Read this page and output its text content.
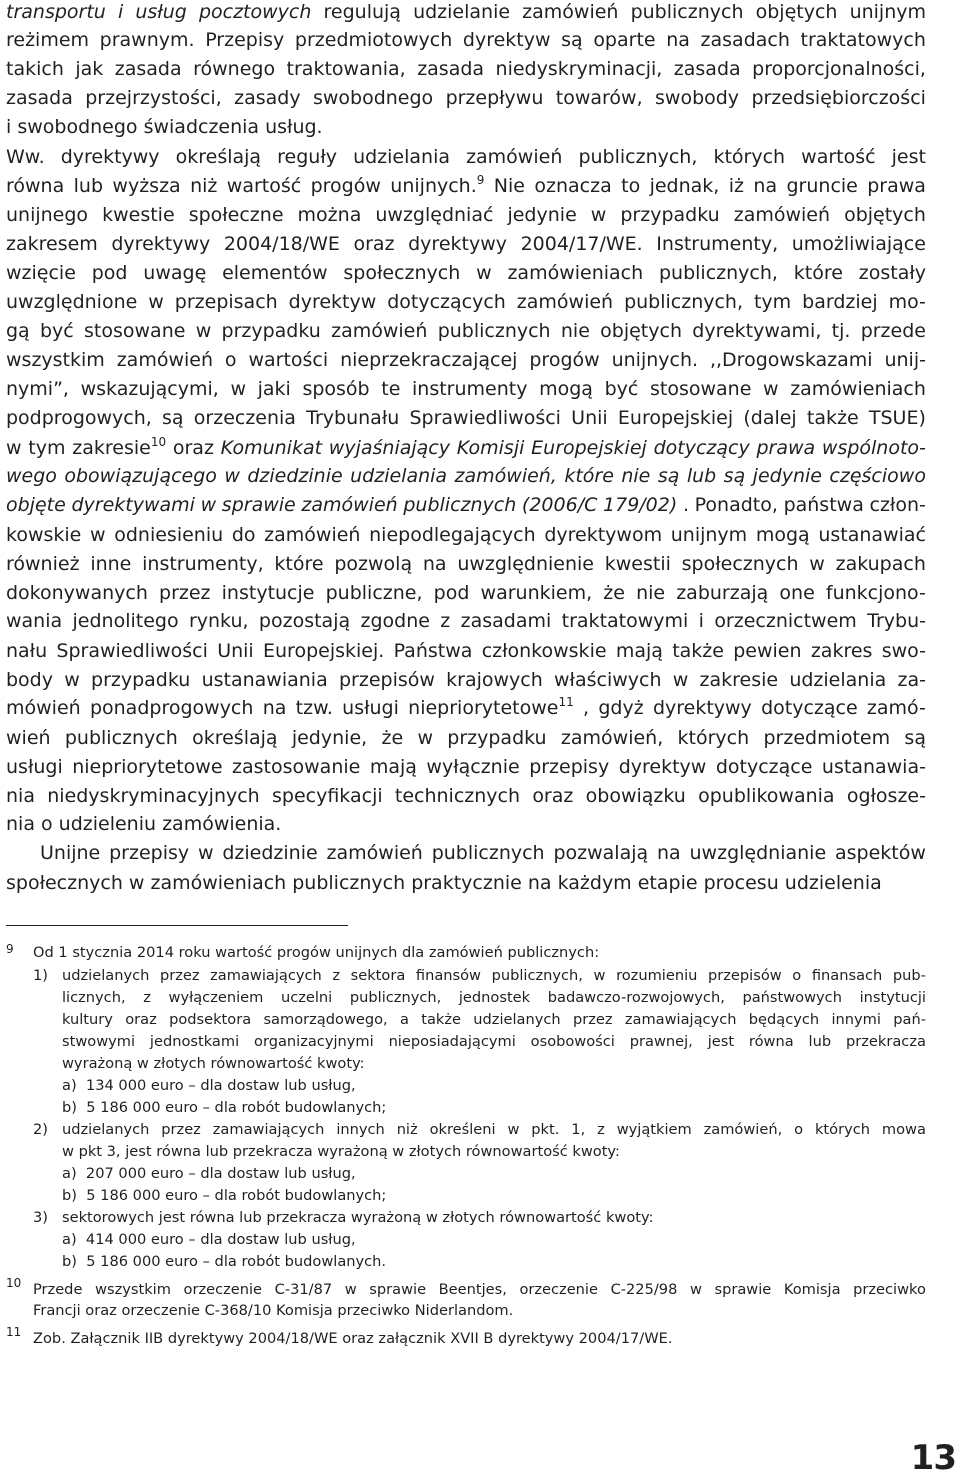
transportu i usług pocztowych regulują udzielanie zamówień publicznych objętych unijnym
reżimem prawnym. Przepisy przedmiotowych dyrektyw są oparte na zasadach traktatowych
takich jak zasada równego traktowania, zasada niedyskryminacji, zasada proporcjonalności,
zasada przejrzystości, zasady swobodnego przepływu towarów, swobody przedsiębiorczości
i swobodnego świadczenia usług.
Ww. dyrektywy określają reguły udzielania zamówień publicznych, których wartość jest
równa lub wyższa niż wartość progów unijnych.$^9$ Nie oznacza to jednak, iż na gruncie prawa
unijnego kwestie społeczne można uwzględniać jedynie w przypadku zamówień objętych
zakresem dyrektywy 2004/18/WE oraz dyrektywy 2004/17/WE. Instrumenty, umożliwiające
wzięcie pod uwagę elementów społecznych w zamówieniach publicznych, które zostały
uwzględnione w przepisach dyrektyw dotyczących zamówień publicznych, tym bardziej mo-
gą być stosowane w przypadku zamówień publicznych nie objętych dyrektywami, tj. przede
wszystkim zamówień o wartości nieprzekraczającej progów unijnych. ,,Drogowskazami unij-
nymi”, wskazującymi, w jaki sposób te instrumenty mogą być stosowane w zamówieniach
podprogowych, są orzeczenia Trybunału Sprawiedliwości Unii Europejskiej (dalej także TSUE)
w tym zakresie$^{10}$ oraz Komunikat wyjaśniający Komisji Europejskiej dotyczący prawa wspólnoto-
wego obowiązującego w dziedzinie udzielania zamówień, które nie są lub są jedynie częściowo
objęte dyrektywami w sprawie zamówień publicznych (2006/C 179/02) . Ponadto, państwa człon-
kowskie w odniesieniu do zamówień niepodlegających dyrektywom unijnym mogą ustanawiać
również inne instrumenty, które pozwolą na uwzględnienie kwestii społecznych w zakupach
dokonywanych przez instytucje publiczne, pod warunkiem, że nie zaburzają one funkcjono-
wania jednolitego rynku, pozostają zgodne z zasadami traktatowymi i orzecznictwem Trybu-
nału Sprawiedliwości Unii Europejskiej. Państwa członkowskie mają także pewien zakres swo-
body w przypadku ustanawiania przepisów krajowych właściwych w zakresie udzielania za-
mówień ponadprogowych na tzw. usługi niepriorytetowe$^{11}$ , gdyż dyrektywy dotyczące zamó-
wień publicznych określają jedynie, że w przypadku zamówień, których przedmiotem są
usługi niepriorytetowe zastosowanie mają wyłącznie przepisy dyrektyw dotyczące ustanawia-
nia niedyskryminacyjnych specyfikacji technicznych oraz obowiązku opublikowania ogłosze-
nia o udzieleniu zamówienia.
Unijne przepisy w dziedzinie zamówień publicznych pozwalają na uwzględnianie aspektów
społecznych w zamówieniach publicznych praktycznie na każdym etapie procesu udzielenia
Od 1 stycznia 2014 roku wartość progów unijnych dla zamówień publicznych:
1) udzielanych przez zamawiających z sektora finansów publicznych, w rozumieniu przepisów o finansach pub-
licznych, z wyłączeniem uczelni publicznych, jednostek badawczo-rozwojowych, państwowych instytucji
kultury oraz podsektora samorządowego, a także udzielanych przez zamawiających będących innymi pań-
stwowymi jednostkami organizacyjnymi nieposiadającymi osobowości prawnej, jest równa lub przekracza
wyrażoną w złotych równowartość kwoty:
a)  134 000 euro – dla dostaw lub usług,
b)  5 186 000 euro – dla robót budowlanych;
2) udzielanych przez zamawiających innych niż określeni w pkt. 1, z wyjątkiem zamówień, o których mowa
w pkt 3, jest równa lub przekracza wyrażoną w złotych równowartość kwoty:
a)  207 000 euro – dla dostaw lub usług,
b)  5 186 000 euro – dla robót budowlanych;
3) sektorowych jest równa lub przekracza wyrażoną w złotych równowartość kwoty:
a)  414 000 euro – dla dostaw lub usług,
b)  5 186 000 euro – dla robót budowlanych.
Przede wszystkim orzeczenie C-31/87 w sprawie Beentjes, orzeczenie C-225/98 w sprawie Komisja przeciwko
Francji oraz orzeczenie C-368/10 Komisja przeciwko Niderlandom.
Zob. Załącznik IIB dyrektywy 2004/18/WE oraz załącznik XVII B dyrektywy 2004/17/WE.
9
10
11
13
